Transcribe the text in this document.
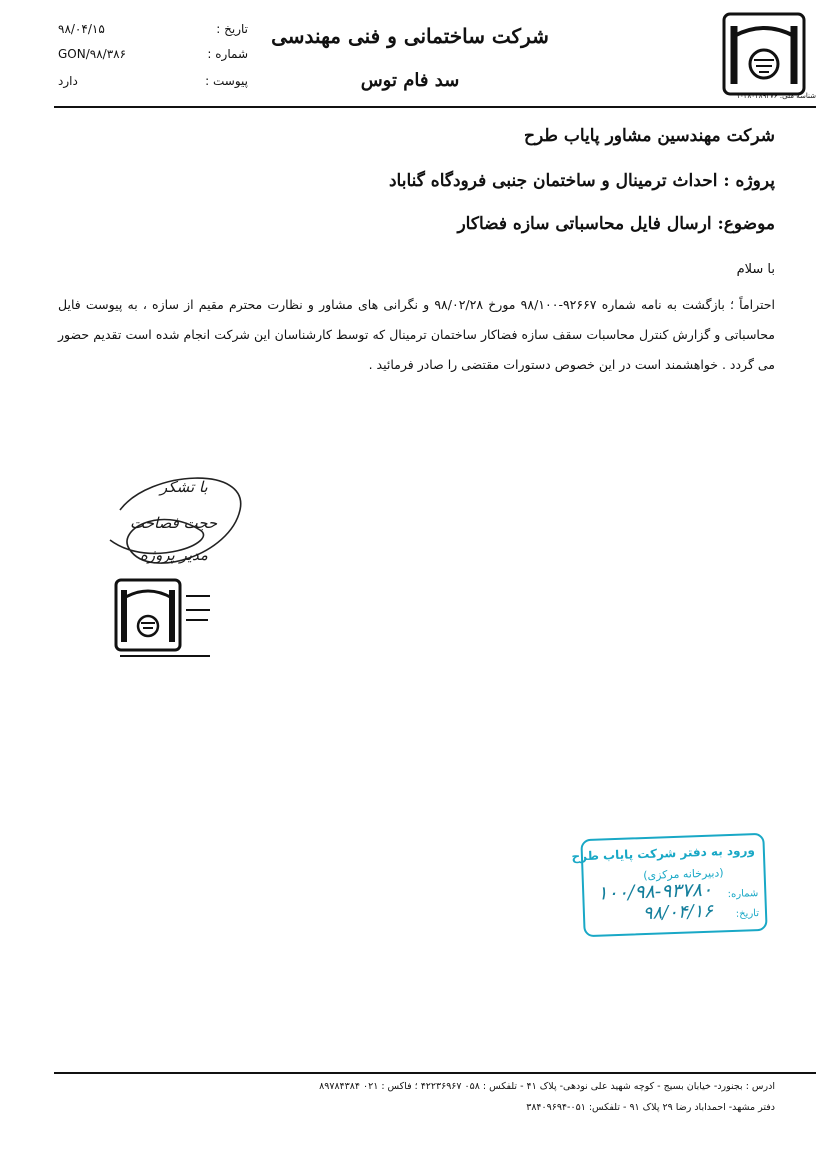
شناسه ملی: ۱۰۳۸۰۳۸۹۲۷۶
شرکت ساختمانی و فنی مهندسی
سد فام توس
تاریخ :
۹۸/۰۴/۱۵
شماره :
GON/۹۸/۳۸۶
پیوست :
دارد
شرکت مهندسین مشاور پایاب طرح
پروژه : احداث ترمینال و ساختمان جنبی فرودگاه گناباد
موضوع: ارسال فایل محاسباتی سازه فضاکار
با سلام
احتراماً ؛ بازگشت به نامه شماره ۹۲۶۶۷-۹۸/۱۰۰ مورخ ۹۸/۰۲/۲۸ و نگرانی های مشاور و نظارت محترم مقیم از سازه ، به پیوست فایل محاسباتی و گزارش کنترل محاسبات سقف سازه فضاکار ساختمان ترمینال که توسط کارشناسان این شرکت انجام شده است تقدیم حضور می گردد . خواهشمند است در این خصوص دستورات مقتضی را صادر فرمائید .
با تشکر
حجت فصاحت
مدیر پروژه
ورود به دفتر شرکت پایاب طرح
(دبیرخانه مرکزی)
شماره:
۱۰۰/۹۸-۹۳۷۸۰
تاریخ:
۹۸/۰۴/۱۶
ادرس : بجنورد- خیابان بسیج - کوچه شهید علی نودهی- پلاک ۴۱ - تلفکس : ۰۵۸ ۴۲۲۳۶۹۶۷ ؛ فاکس : ۰۲۱ ۸۹۷۸۴۳۸۴
دفتر مشهد- احمداباد رضا ۲۹ پلاک ۹۱ - تلفکس: ۰۵۱-۳۸۴۰۹۶۹۴
